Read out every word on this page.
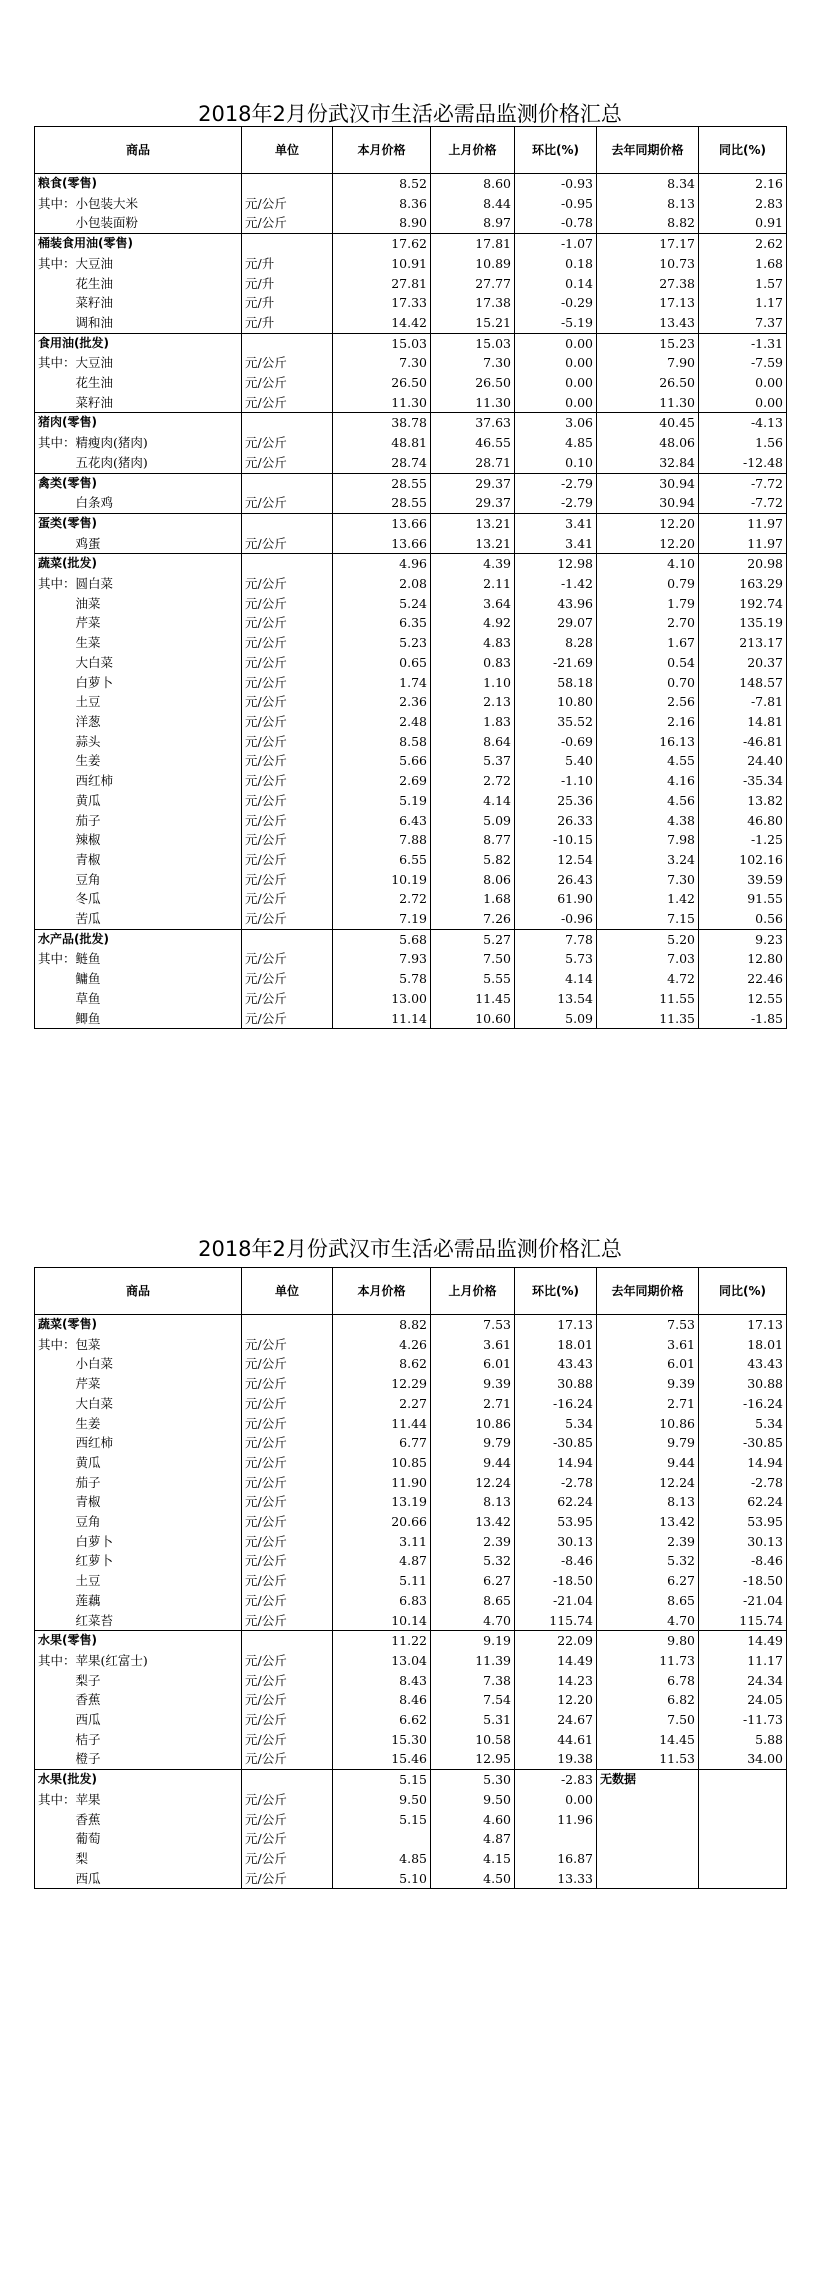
2018年2月份武汉市生活必需品监测价格汇总
商品	单位	本月价格	上月价格	环比(%)	去年同期价格	同比(%)
粮食(零售)		8.52	8.60	-0.93	8.34	2.16
其中：小包装大米	元/公斤	8.36	8.44	-0.95	8.13	2.83
　　　小包装面粉	元/公斤	8.90	8.97	-0.78	8.82	0.91
桶装食用油(零售)		17.62	17.81	-1.07	17.17	2.62
其中：大豆油	元/升	10.91	10.89	0.18	10.73	1.68
　　　花生油	元/升	27.81	27.77	0.14	27.38	1.57
　　　菜籽油	元/升	17.33	17.38	-0.29	17.13	1.17
　　　调和油	元/升	14.42	15.21	-5.19	13.43	7.37
食用油(批发)		15.03	15.03	0.00	15.23	-1.31
其中：大豆油	元/公斤	7.30	7.30	0.00	7.90	-7.59
　　　花生油	元/公斤	26.50	26.50	0.00	26.50	0.00
　　　菜籽油	元/公斤	11.30	11.30	0.00	11.30	0.00
猪肉(零售)		38.78	37.63	3.06	40.45	-4.13
其中：精瘦肉(猪肉)	元/公斤	48.81	46.55	4.85	48.06	1.56
　　　五花肉(猪肉)	元/公斤	28.74	28.71	0.10	32.84	-12.48
禽类(零售)		28.55	29.37	-2.79	30.94	-7.72
　　　白条鸡	元/公斤	28.55	29.37	-2.79	30.94	-7.72
蛋类(零售)		13.66	13.21	3.41	12.20	11.97
　　　鸡蛋	元/公斤	13.66	13.21	3.41	12.20	11.97
蔬菜(批发)		4.96	4.39	12.98	4.10	20.98
其中：圆白菜	元/公斤	2.08	2.11	-1.42	0.79	163.29
　　　油菜	元/公斤	5.24	3.64	43.96	1.79	192.74
　　　芹菜	元/公斤	6.35	4.92	29.07	2.70	135.19
　　　生菜	元/公斤	5.23	4.83	8.28	1.67	213.17
　　　大白菜	元/公斤	0.65	0.83	-21.69	0.54	20.37
　　　白萝卜	元/公斤	1.74	1.10	58.18	0.70	148.57
　　　土豆	元/公斤	2.36	2.13	10.80	2.56	-7.81
　　　洋葱	元/公斤	2.48	1.83	35.52	2.16	14.81
　　　蒜头	元/公斤	8.58	8.64	-0.69	16.13	-46.81
　　　生姜	元/公斤	5.66	5.37	5.40	4.55	24.40
　　　西红柿	元/公斤	2.69	2.72	-1.10	4.16	-35.34
　　　黄瓜	元/公斤	5.19	4.14	25.36	4.56	13.82
　　　茄子	元/公斤	6.43	5.09	26.33	4.38	46.80
　　　辣椒	元/公斤	7.88	8.77	-10.15	7.98	-1.25
　　　青椒	元/公斤	6.55	5.82	12.54	3.24	102.16
　　　豆角	元/公斤	10.19	8.06	26.43	7.30	39.59
　　　冬瓜	元/公斤	2.72	1.68	61.90	1.42	91.55
　　　苦瓜	元/公斤	7.19	7.26	-0.96	7.15	0.56
水产品(批发)		5.68	5.27	7.78	5.20	9.23
其中：鲢鱼	元/公斤	7.93	7.50	5.73	7.03	12.80
　　　鳙鱼	元/公斤	5.78	5.55	4.14	4.72	22.46
　　　草鱼	元/公斤	13.00	11.45	13.54	11.55	12.55
　　　鲫鱼	元/公斤	11.14	10.60	5.09	11.35	-1.85
2018年2月份武汉市生活必需品监测价格汇总
商品	单位	本月价格	上月价格	环比(%)	去年同期价格	同比(%)
蔬菜(零售)		8.82	7.53	17.13	7.53	17.13
其中：包菜	元/公斤	4.26	3.61	18.01	3.61	18.01
　　　小白菜	元/公斤	8.62	6.01	43.43	6.01	43.43
　　　芹菜	元/公斤	12.29	9.39	30.88	9.39	30.88
　　　大白菜	元/公斤	2.27	2.71	-16.24	2.71	-16.24
　　　生姜	元/公斤	11.44	10.86	5.34	10.86	5.34
　　　西红柿	元/公斤	6.77	9.79	-30.85	9.79	-30.85
　　　黄瓜	元/公斤	10.85	9.44	14.94	9.44	14.94
　　　茄子	元/公斤	11.90	12.24	-2.78	12.24	-2.78
　　　青椒	元/公斤	13.19	8.13	62.24	8.13	62.24
　　　豆角	元/公斤	20.66	13.42	53.95	13.42	53.95
　　　白萝卜	元/公斤	3.11	2.39	30.13	2.39	30.13
　　　红萝卜	元/公斤	4.87	5.32	-8.46	5.32	-8.46
　　　土豆	元/公斤	5.11	6.27	-18.50	6.27	-18.50
　　　莲藕	元/公斤	6.83	8.65	-21.04	8.65	-21.04
　　　红菜苔	元/公斤	10.14	4.70	115.74	4.70	115.74
水果(零售)		11.22	9.19	22.09	9.80	14.49
其中：苹果(红富士)	元/公斤	13.04	11.39	14.49	11.73	11.17
　　　梨子	元/公斤	8.43	7.38	14.23	6.78	24.34
　　　香蕉	元/公斤	8.46	7.54	12.20	6.82	24.05
　　　西瓜	元/公斤	6.62	5.31	24.67	7.50	-11.73
　　　桔子	元/公斤	15.30	10.58	44.61	14.45	5.88
　　　橙子	元/公斤	15.46	12.95	19.38	11.53	34.00
水果(批发)		5.15	5.30	-2.83	无数据	
其中：苹果	元/公斤	9.50	9.50	0.00		
　　　香蕉	元/公斤	5.15	4.60	11.96		
　　　葡萄	元/公斤		4.87			
　　　梨	元/公斤	4.85	4.15	16.87		
　　　西瓜	元/公斤	5.10	4.50	13.33		
